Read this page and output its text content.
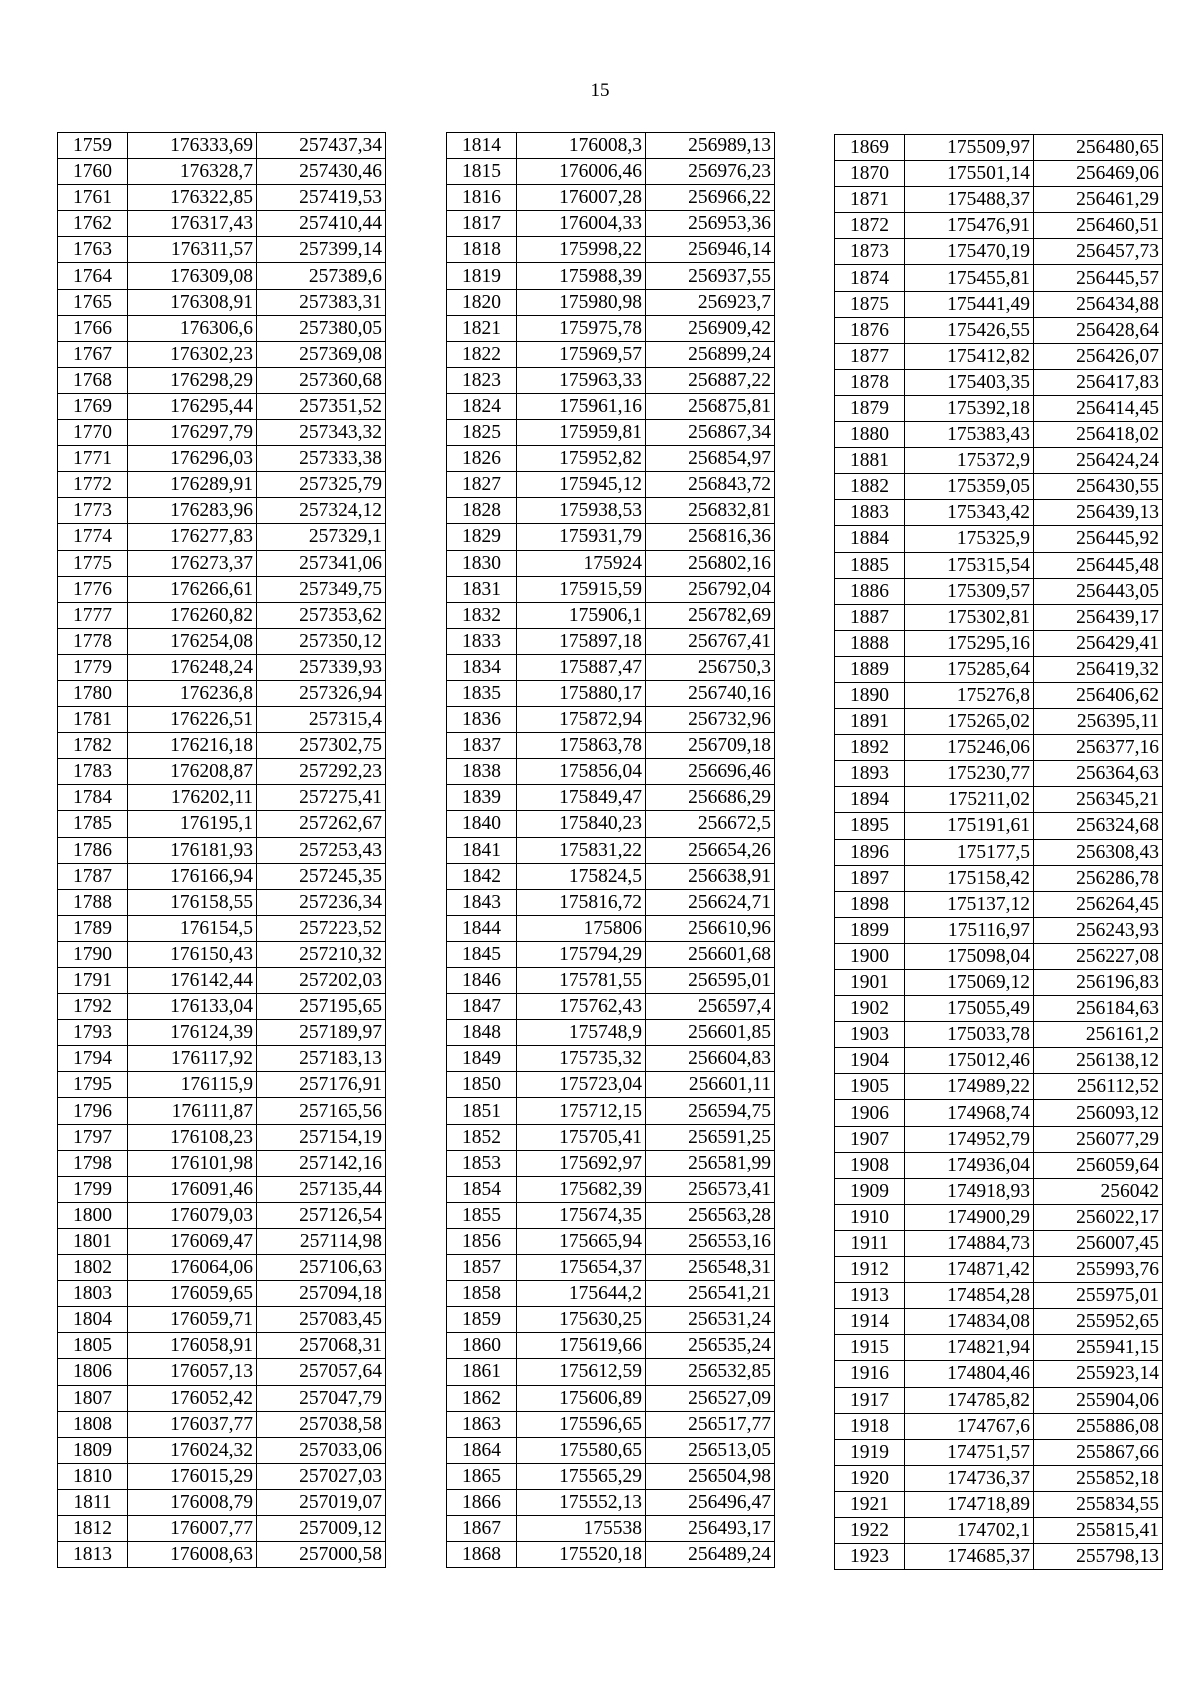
15
1759	176333,69	257437,34
1760	176328,7	257430,46
1761	176322,85	257419,53
1762	176317,43	257410,44
1763	176311,57	257399,14
1764	176309,08	257389,6
1765	176308,91	257383,31
1766	176306,6	257380,05
1767	176302,23	257369,08
1768	176298,29	257360,68
1769	176295,44	257351,52
1770	176297,79	257343,32
1771	176296,03	257333,38
1772	176289,91	257325,79
1773	176283,96	257324,12
1774	176277,83	257329,1
1775	176273,37	257341,06
1776	176266,61	257349,75
1777	176260,82	257353,62
1778	176254,08	257350,12
1779	176248,24	257339,93
1780	176236,8	257326,94
1781	176226,51	257315,4
1782	176216,18	257302,75
1783	176208,87	257292,23
1784	176202,11	257275,41
1785	176195,1	257262,67
1786	176181,93	257253,43
1787	176166,94	257245,35
1788	176158,55	257236,34
1789	176154,5	257223,52
1790	176150,43	257210,32
1791	176142,44	257202,03
1792	176133,04	257195,65
1793	176124,39	257189,97
1794	176117,92	257183,13
1795	176115,9	257176,91
1796	176111,87	257165,56
1797	176108,23	257154,19
1798	176101,98	257142,16
1799	176091,46	257135,44
1800	176079,03	257126,54
1801	176069,47	257114,98
1802	176064,06	257106,63
1803	176059,65	257094,18
1804	176059,71	257083,45
1805	176058,91	257068,31
1806	176057,13	257057,64
1807	176052,42	257047,79
1808	176037,77	257038,58
1809	176024,32	257033,06
1810	176015,29	257027,03
1811	176008,79	257019,07
1812	176007,77	257009,12
1813	176008,63	257000,58
1814	176008,3	256989,13
1815	176006,46	256976,23
1816	176007,28	256966,22
1817	176004,33	256953,36
1818	175998,22	256946,14
1819	175988,39	256937,55
1820	175980,98	256923,7
1821	175975,78	256909,42
1822	175969,57	256899,24
1823	175963,33	256887,22
1824	175961,16	256875,81
1825	175959,81	256867,34
1826	175952,82	256854,97
1827	175945,12	256843,72
1828	175938,53	256832,81
1829	175931,79	256816,36
1830	175924	256802,16
1831	175915,59	256792,04
1832	175906,1	256782,69
1833	175897,18	256767,41
1834	175887,47	256750,3
1835	175880,17	256740,16
1836	175872,94	256732,96
1837	175863,78	256709,18
1838	175856,04	256696,46
1839	175849,47	256686,29
1840	175840,23	256672,5
1841	175831,22	256654,26
1842	175824,5	256638,91
1843	175816,72	256624,71
1844	175806	256610,96
1845	175794,29	256601,68
1846	175781,55	256595,01
1847	175762,43	256597,4
1848	175748,9	256601,85
1849	175735,32	256604,83
1850	175723,04	256601,11
1851	175712,15	256594,75
1852	175705,41	256591,25
1853	175692,97	256581,99
1854	175682,39	256573,41
1855	175674,35	256563,28
1856	175665,94	256553,16
1857	175654,37	256548,31
1858	175644,2	256541,21
1859	175630,25	256531,24
1860	175619,66	256535,24
1861	175612,59	256532,85
1862	175606,89	256527,09
1863	175596,65	256517,77
1864	175580,65	256513,05
1865	175565,29	256504,98
1866	175552,13	256496,47
1867	175538	256493,17
1868	175520,18	256489,24
1869	175509,97	256480,65
1870	175501,14	256469,06
1871	175488,37	256461,29
1872	175476,91	256460,51
1873	175470,19	256457,73
1874	175455,81	256445,57
1875	175441,49	256434,88
1876	175426,55	256428,64
1877	175412,82	256426,07
1878	175403,35	256417,83
1879	175392,18	256414,45
1880	175383,43	256418,02
1881	175372,9	256424,24
1882	175359,05	256430,55
1883	175343,42	256439,13
1884	175325,9	256445,92
1885	175315,54	256445,48
1886	175309,57	256443,05
1887	175302,81	256439,17
1888	175295,16	256429,41
1889	175285,64	256419,32
1890	175276,8	256406,62
1891	175265,02	256395,11
1892	175246,06	256377,16
1893	175230,77	256364,63
1894	175211,02	256345,21
1895	175191,61	256324,68
1896	175177,5	256308,43
1897	175158,42	256286,78
1898	175137,12	256264,45
1899	175116,97	256243,93
1900	175098,04	256227,08
1901	175069,12	256196,83
1902	175055,49	256184,63
1903	175033,78	256161,2
1904	175012,46	256138,12
1905	174989,22	256112,52
1906	174968,74	256093,12
1907	174952,79	256077,29
1908	174936,04	256059,64
1909	174918,93	256042
1910	174900,29	256022,17
1911	174884,73	256007,45
1912	174871,42	255993,76
1913	174854,28	255975,01
1914	174834,08	255952,65
1915	174821,94	255941,15
1916	174804,46	255923,14
1917	174785,82	255904,06
1918	174767,6	255886,08
1919	174751,57	255867,66
1920	174736,37	255852,18
1921	174718,89	255834,55
1922	174702,1	255815,41
1923	174685,37	255798,13
